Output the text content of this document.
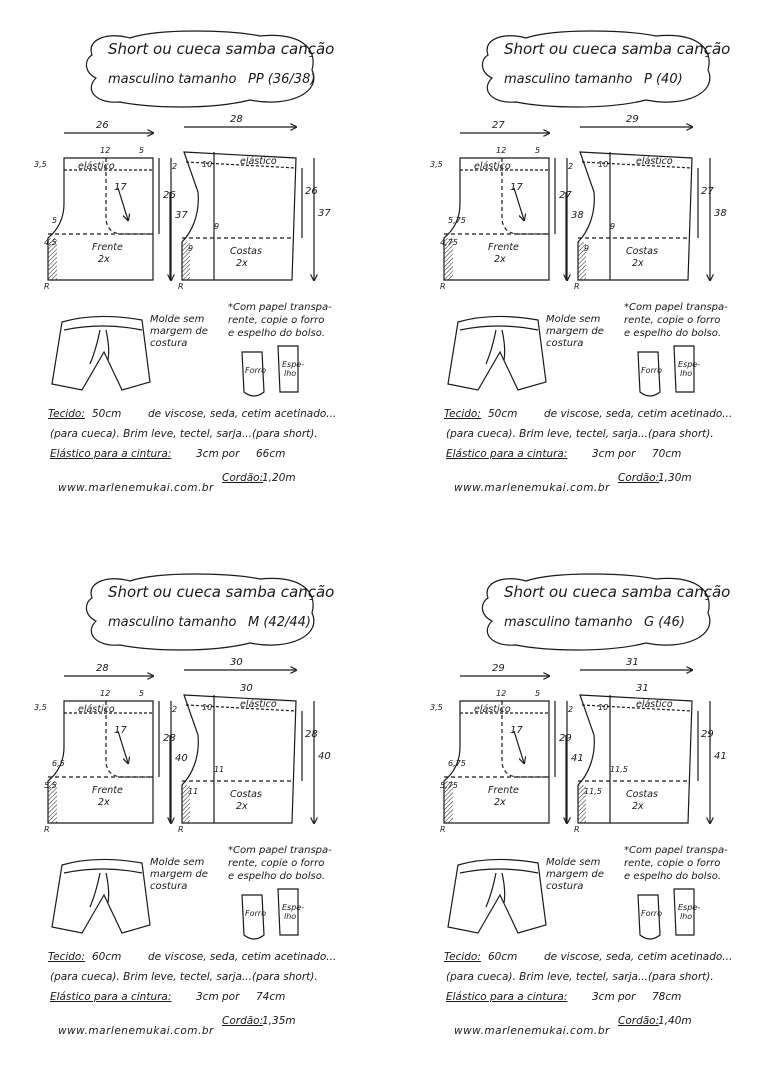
Short ou cueca samba canção
masculino tamanho PP (36/38)
26
28
12	5
3,5	2	10
elástico	elástico
26
37
26
37
17
5
4,5
9
9
Frente
2x
Costas
2x
R	R
Molde sem
margem de
costura
*Com papel transpa-
rente, copie o forro
e espelho do bolso.
Forro
Espe-
lho
Tecido: 50cm	de viscose, seda, cetim acetinado...
(para cueca). Brim leve, tectel, sarja...(para short).
Elástico para a cintura: 3cm por 66cm
Cordão:
1,20m
www.marlenemukai.com.br
Short ou cueca samba canção
masculino tamanho P (40)
27
29
12	5
3,5	2	10
elástico	elástico
27
38
27
38
17
5,75
4,75
9
9
Frente
2x
Costas
2x
R	R
Molde sem
margem de
costura
*Com papel transpa-
rente, copie o forro
e espelho do bolso.
Forro
Espe-
lho
Tecido: 50cm	de viscose, seda, cetim acetinado...
(para cueca). Brim leve, tectel, sarja...(para short).
Elástico para a cintura: 3cm por 70cm
Cordão:
1,30m
www.marlenemukai.com.br
Short ou cueca samba canção
masculino tamanho M (42/44)
28
30
30
12	5
3,5	2	10
elástico	elástico
28
40
28
40
17
6,5
5,5
11
11
Frente
2x
Costas
2x
R	R
Molde sem
margem de
costura
*Com papel transpa-
rente, copie o forro
e espelho do bolso.
Forro
Espe-
lho
Tecido: 60cm	de viscose, seda, cetim acetinado...
(para cueca). Brim leve, tectel, sarja...(para short).
Elástico para a cintura: 3cm por 74cm
Cordão:
1,35m
www.marlenemukai.com.br
Short ou cueca samba canção
masculino tamanho G (46)
29
31
31
12	5
3,5	2	10
elástico	elástico
29
41
29
41
17
6,75
5,75
11,5
11,5
Frente
2x
Costas
2x
R	R
Molde sem
margem de
costura
*Com papel transpa-
rente, copie o forro
e espelho do bolso.
Forro
Espe-
lho
Tecido: 60cm	de viscose, seda, cetim acetinado...
(para cueca). Brim leve, tectel, sarja...(para short).
Elástico para a cintura: 3cm por 78cm
Cordão:
1,40m
www.marlenemukai.com.br
